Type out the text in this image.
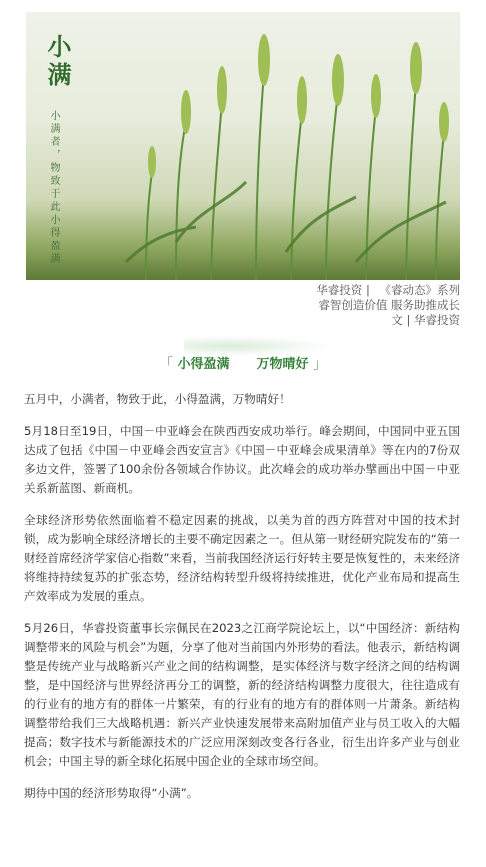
小满
小满者，物致于此小得盈满
华睿投资 | 《睿动态》系列
睿智创造价值 服务助推成长
文 | 华睿投资
「 小得盈满 万物晴好 」

五月中，小满者，物致于此，小得盈满，万物晴好！

5月18日至19日，中国－中亚峰会在陕西西安成功举行。峰会期间，中国同中亚五国达成了包括《中国－中亚峰会西安宣言》《中国－中亚峰会成果清单》等在内的7份双多边文件，签署了100余份各领域合作协议。此次峰会的成功举办擘画出中国－中亚关系新蓝图、新商机。

全球经济形势依然面临着不稳定因素的挑战，以美为首的西方阵营对中国的技术封锁，成为影响全球经济增长的主要不确定因素之一。但从第一财经研究院发布的“第一财经首席经济学家信心指数”来看，当前我国经济运行好转主要是恢复性的，未来经济将维持持续复苏的扩张态势，经济结构转型升级将持续推进，优化产业布局和提高生产效率成为发展的重点。

5月26日，华睿投资董事长宗佩民在2023之江商学院论坛上，以“中国经济：新结构调整带来的风险与机会”为题，分享了他对当前国内外形势的看法。他表示，新结构调整是传统产业与战略新兴产业之间的结构调整，是实体经济与数字经济之间的结构调整，是中国经济与世界经济再分工的调整，新的经济结构调整力度很大，往往造成有的行业有的地方有的群体一片繁荣，有的行业有的地方有的群体则一片萧条。新结构调整带给我们三大战略机遇：新兴产业快速发展带来高附加值产业与员工收入的大幅提高；数字技术与新能源技术的广泛应用深刻改变各行各业，衍生出许多产业与创业机会；中国主导的新全球化拓展中国企业的全球市场空间。

期待中国的经济形势取得“小满”。
